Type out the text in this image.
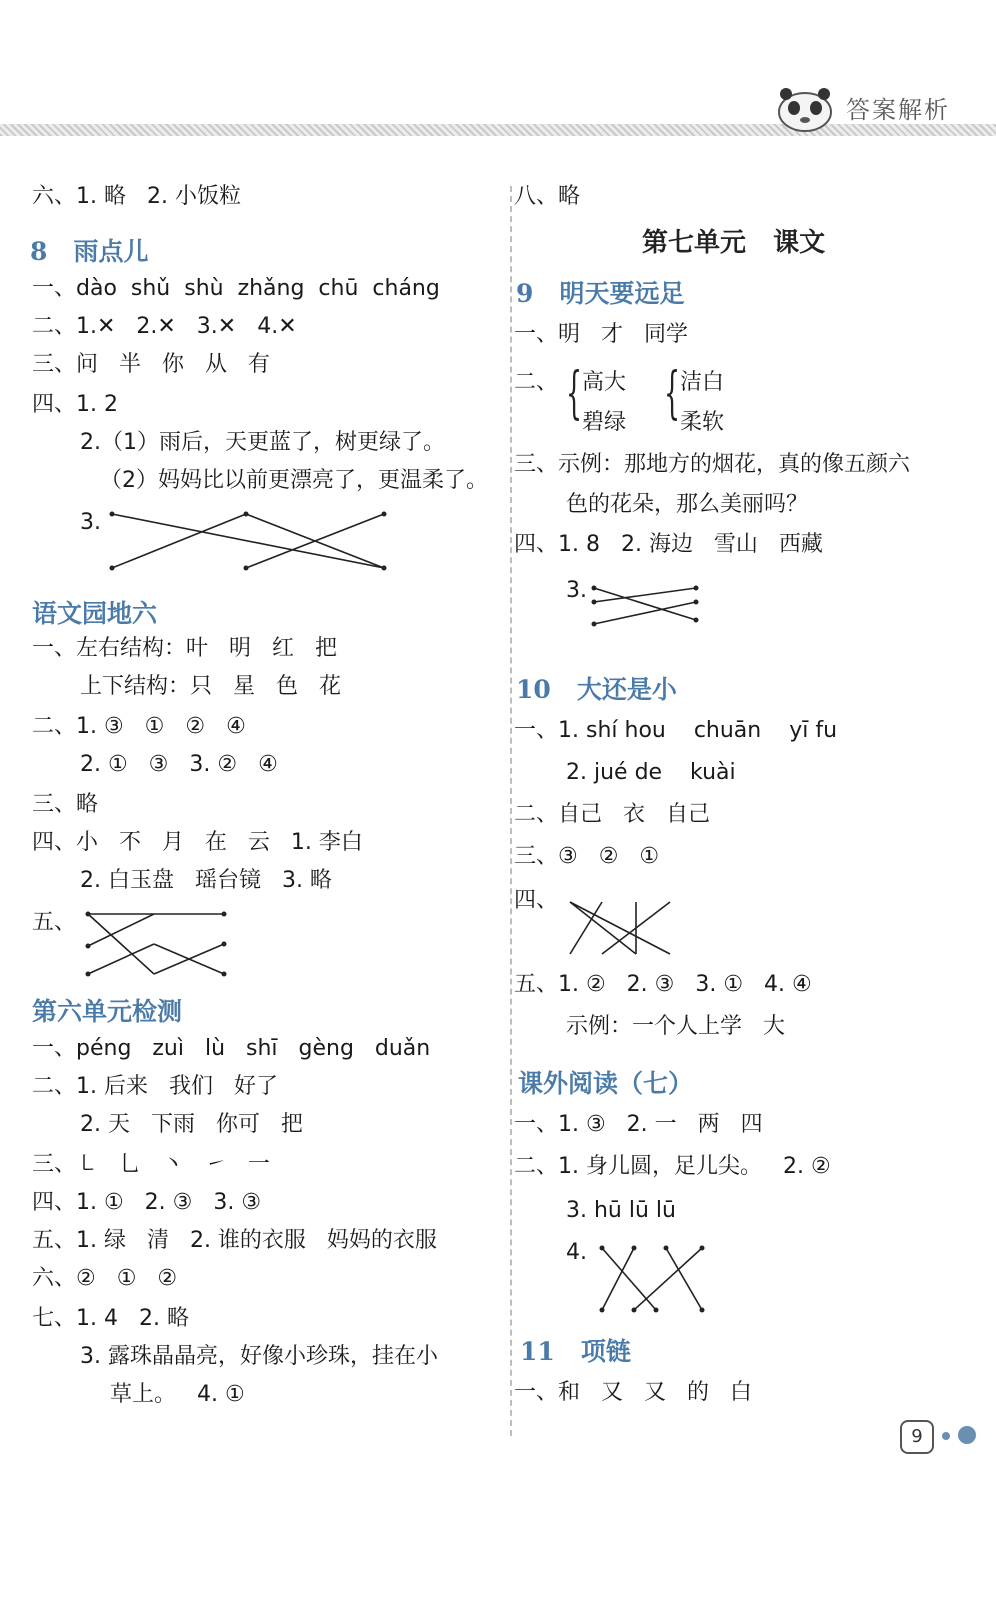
答案解析
六、1. 略   2. 小饭粒
8   雨点儿
一、dào  shǔ  shù  zhǎng  chū  cháng
二、1.✕   2.✕   3.✕   4.✕
三、问   半   你   从   有
四、1. 2
2.（1）雨后，天更蓝了，树更绿了。
（2）妈妈比以前更漂亮了，更温柔了。
3.
语文园地六
一、左右结构：叶   明   红   把
上下结构：只   星   色   花
二、1. ③   ①   ②   ④
2. ①   ③   3. ②   ④
三、略
四、小   不   月   在   云   1. 李白
2. 白玉盘   瑶台镜   3. 略
五、
第六单元检测
一、péng   zuì   lù   shī   gèng   duǎn
二、1. 后来   我们   好了
2. 天   下雨   你可   把
三、㇄   乚   丶   ㇀   一
四、1. ①   2. ③   3. ③
五、1. 绿   清   2. 谁的衣服   妈妈的衣服
六、②   ①   ②
七、1. 4   2. 略
3. 露珠晶晶亮，好像小珍珠，挂在小
草上。   4. ①
八、略
第七单元   课文
9   明天要远足
一、明   才   同学
二、 { 高大
碧绿 { 洁白
柔软
三、示例：那地方的烟花，真的像五颜六
色的花朵，那么美丽吗？
四、1. 8   2. 海边   雪山   西藏
3.
10   大还是小
一、1. shí hou    chuān    yī fu
2. jué de    kuài
二、自己   衣   自己
三、③   ②   ①
四、
五、1. ②   2. ③   3. ①   4. ④
示例：一个人上学   大
课外阅读（七）
一、1. ③   2. 一   两   四
二、1. 身儿圆，足儿尖。   2. ②
3. hū lū lū
4.
11   项链
一、和   又   又   的   白
9
